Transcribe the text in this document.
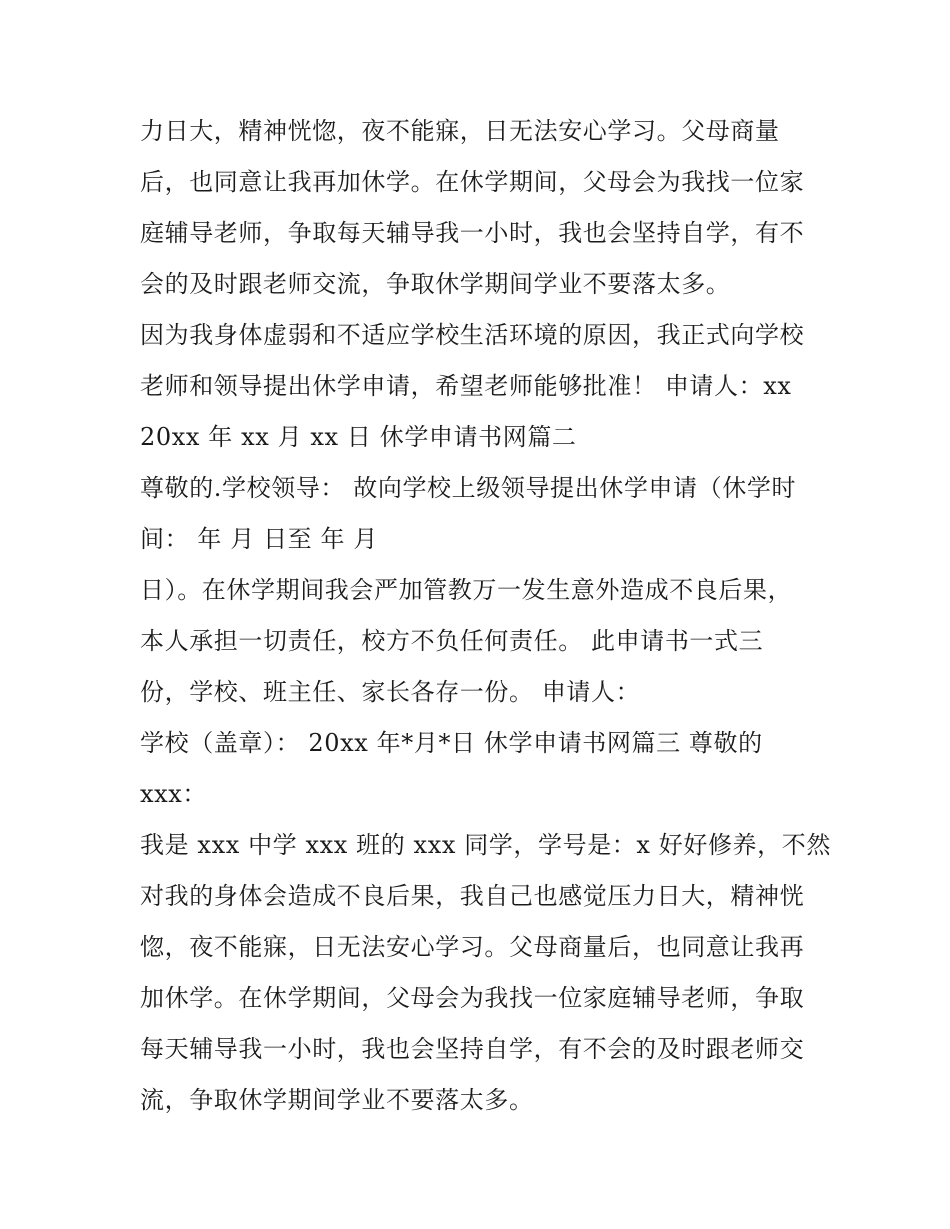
力日大，精神恍惚，夜不能寐，日无法安心学习。父母商量
后，也同意让我再加休学。在休学期间，父母会为我找一位家
庭辅导老师，争取每天辅导我一小时，我也会坚持自学，有不
会的及时跟老师交流，争取休学期间学业不要落太多。
因为我身体虚弱和不适应学校生活环境的原因，我正式向学校
老师和领导提出休学申请，希望老师能够批准！ 申请人：xx
20xx 年 xx 月 xx 日 休学申请书网篇二
尊敬的.学校领导： 故向学校上级领导提出休学申请（休学时
间： 年 月 日至 年 月
日）。在休学期间我会严加管教万一发生意外造成不良后果，
本人承担一切责任，校方不负任何责任。 此申请书一式三
份，学校、班主任、家长各存一份。 申请人：
学校（盖章）： 20xx 年*月*日 休学申请书网篇三 尊敬的
xxx：
我是 xxx 中学 xxx 班的 xxx 同学，学号是：x 好好修养，不然
对我的身体会造成不良后果，我自己也感觉压力日大，精神恍
惚，夜不能寐，日无法安心学习。父母商量后，也同意让我再
加休学。在休学期间，父母会为我找一位家庭辅导老师，争取
每天辅导我一小时，我也会坚持自学，有不会的及时跟老师交
流，争取休学期间学业不要落太多。
